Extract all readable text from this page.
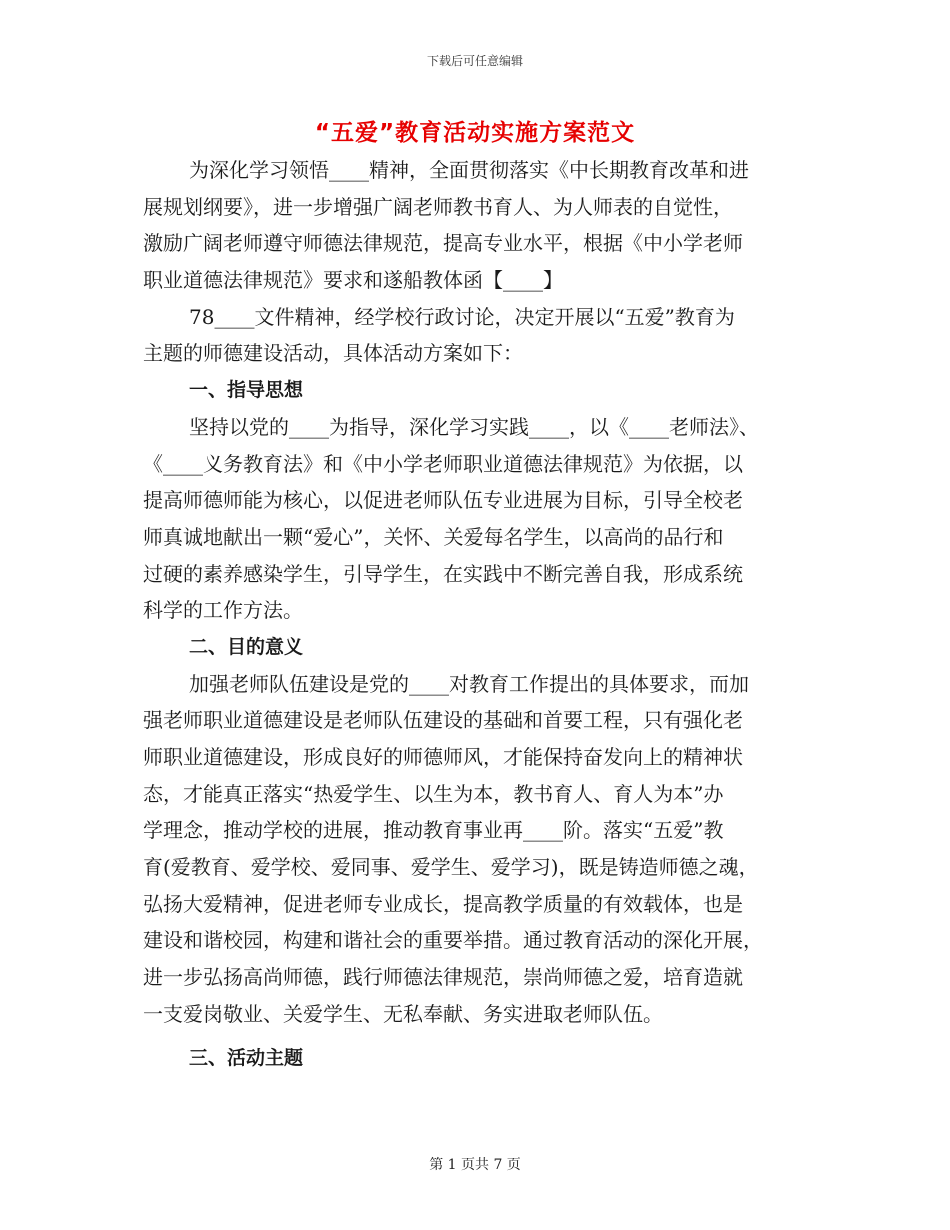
下载后可任意编辑
“五爱”教育活动实施方案范文
为深化学习领悟____精神，全面贯彻落实《中长期教育改革和进
展规划纲要》，进一步增强广阔老师教书育人、为人师表的自觉性，
激励广阔老师遵守师德法律规范，提高专业水平，根据《中小学老师
职业道德法律规范》要求和遂船教体函【____】
78____文件精神，经学校行政讨论，决定开展以“五爱”教育为
主题的师德建设活动，具体活动方案如下：
一、指导思想
坚持以党的____为指导，深化学习实践____，以《____老师法》、
《____义务教育法》和《中小学老师职业道德法律规范》为依据，以
提高师德师能为核心，以促进老师队伍专业进展为目标，引导全校老
师真诚地献出一颗“爱心”，关怀、关爱每名学生，以高尚的品行和
过硬的素养感染学生，引导学生，在实践中不断完善自我，形成系统
科学的工作方法。
二、目的意义
加强老师队伍建设是党的____对教育工作提出的具体要求，而加
强老师职业道德建设是老师队伍建设的基础和首要工程，只有强化老
师职业道德建设，形成良好的师德师风，才能保持奋发向上的精神状
态，才能真正落实“热爱学生、以生为本，教书育人、育人为本”办
学理念，推动学校的进展，推动教育事业再____阶。落实“五爱”教
育(爱教育、爱学校、爱同事、爱学生、爱学习)，既是铸造师德之魂，
弘扬大爱精神，促进老师专业成长，提高教学质量的有效载体，也是
建设和谐校园，构建和谐社会的重要举措。通过教育活动的深化开展，
进一步弘扬高尚师德，践行师德法律规范，崇尚师德之爱，培育造就
一支爱岗敬业、关爱学生、无私奉献、务实进取老师队伍。
三、活动主题
第 1 页共 7 页
